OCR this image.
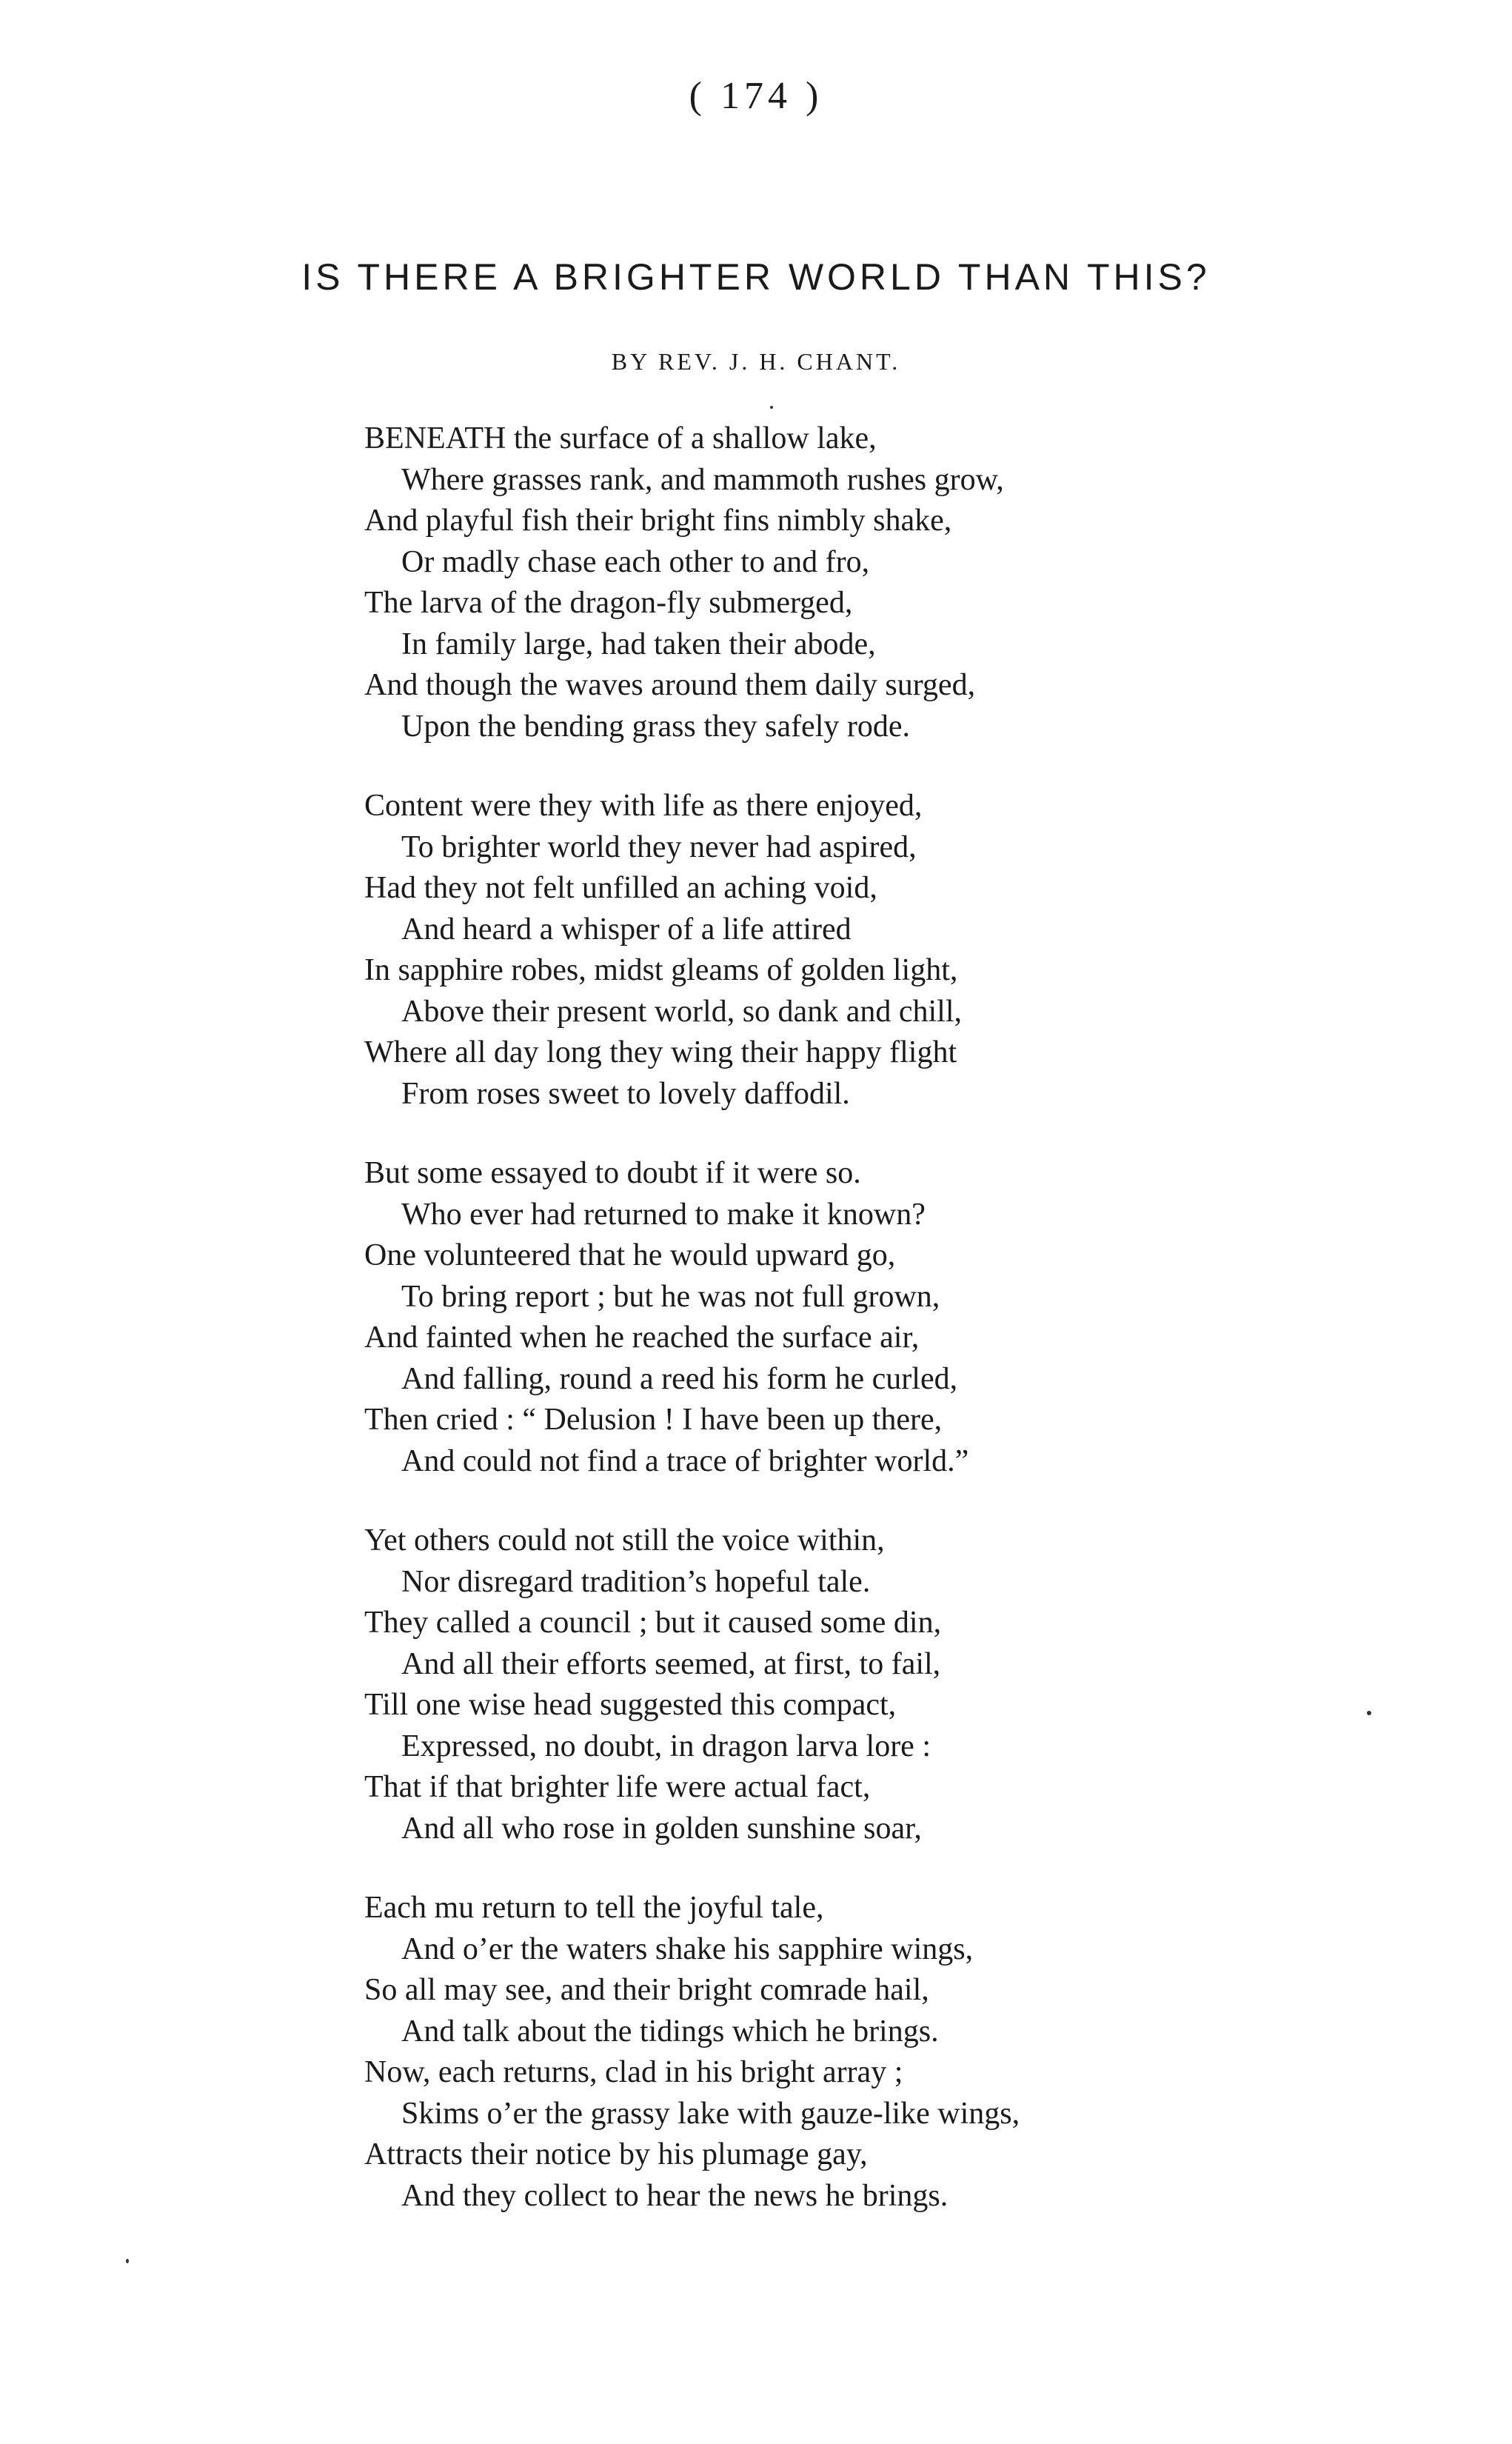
( 174 )
IS THERE A BRIGHTER WORLD THAN THIS?
BY REV. J. H. CHANT.
BENEATH the surface of a shallow lake,
Where grasses rank, and mammoth rushes grow,
And playful fish their bright fins nimbly shake,
Or madly chase each other to and fro,
The larva of the dragon-fly submerged,
In family large, had taken their abode,
And though the waves around them daily surged,
Upon the bending grass they safely rode.
Content were they with life as there enjoyed,
To brighter world they never had aspired,
Had they not felt unfilled an aching void,
And heard a whisper of a life attired
In sapphire robes, midst gleams of golden light,
Above their present world, so dank and chill,
Where all day long they wing their happy flight
From roses sweet to lovely daffodil.
But some essayed to doubt if it were so.
Who ever had returned to make it known?
One volunteered that he would upward go,
To bring report ; but he was not full grown,
And fainted when he reached the surface air,
And falling, round a reed his form he curled,
Then cried : “ Delusion ! I have been up there,
And could not find a trace of brighter world.”
Yet others could not still the voice within,
Nor disregard tradition’s hopeful tale.
They called a council ; but it caused some din,
And all their efforts seemed, at first, to fail,
Till one wise head suggested this compact,
Expressed, no doubt, in dragon larva lore :
That if that brighter life were actual fact,
And all who rose in golden sunshine soar,
Each mu return to tell the joyful tale,
And o’er the waters shake his sapphire wings,
So all may see, and their bright comrade hail,
And talk about the tidings which he brings.
Now, each returns, clad in his bright array ;
Skims o’er the grassy lake with gauze-like wings,
Attracts their notice by his plumage gay,
And they collect to hear the news he brings.
